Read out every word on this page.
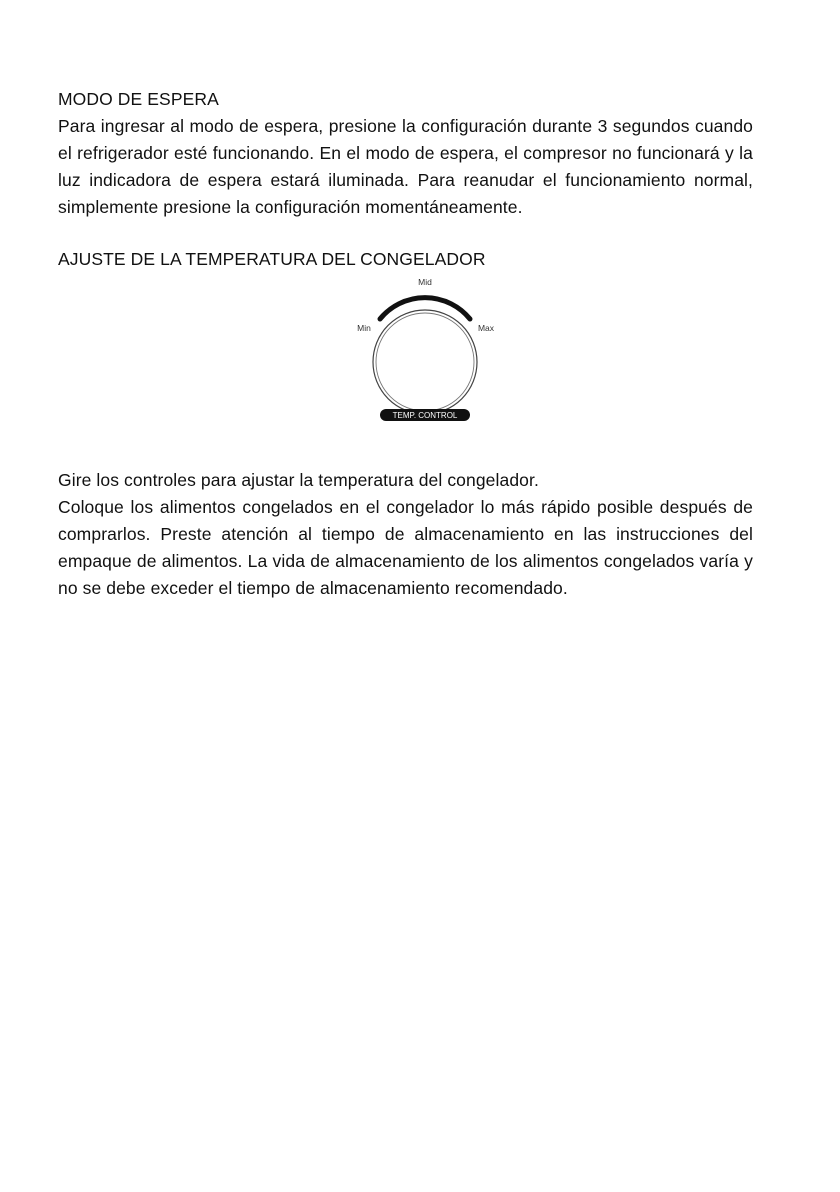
MODO DE ESPERA

Para ingresar al modo de espera, presione la configuración durante 3 segundos cuando el refrigerador esté funcionando. En el modo de espera, el compresor no funcionará y la luz indicadora de espera estará iluminada. Para reanudar el funcionamiento normal, simplemente presione la configuración momentáneamente.

AJUSTE DE LA TEMPERATURA DEL CONGELADOR
Mid
Min	Max
TEMP. CONTROL

Gire los controles para ajustar la temperatura del congelador.

Coloque los alimentos congelados en el congelador lo más rápido posible después de comprarlos. Preste atención al tiempo de almacenamiento en las instrucciones del empaque de alimentos. La vida de almacenamiento de los alimentos congelados varía y no se debe exceder el tiempo de almacenamiento recomendado.
